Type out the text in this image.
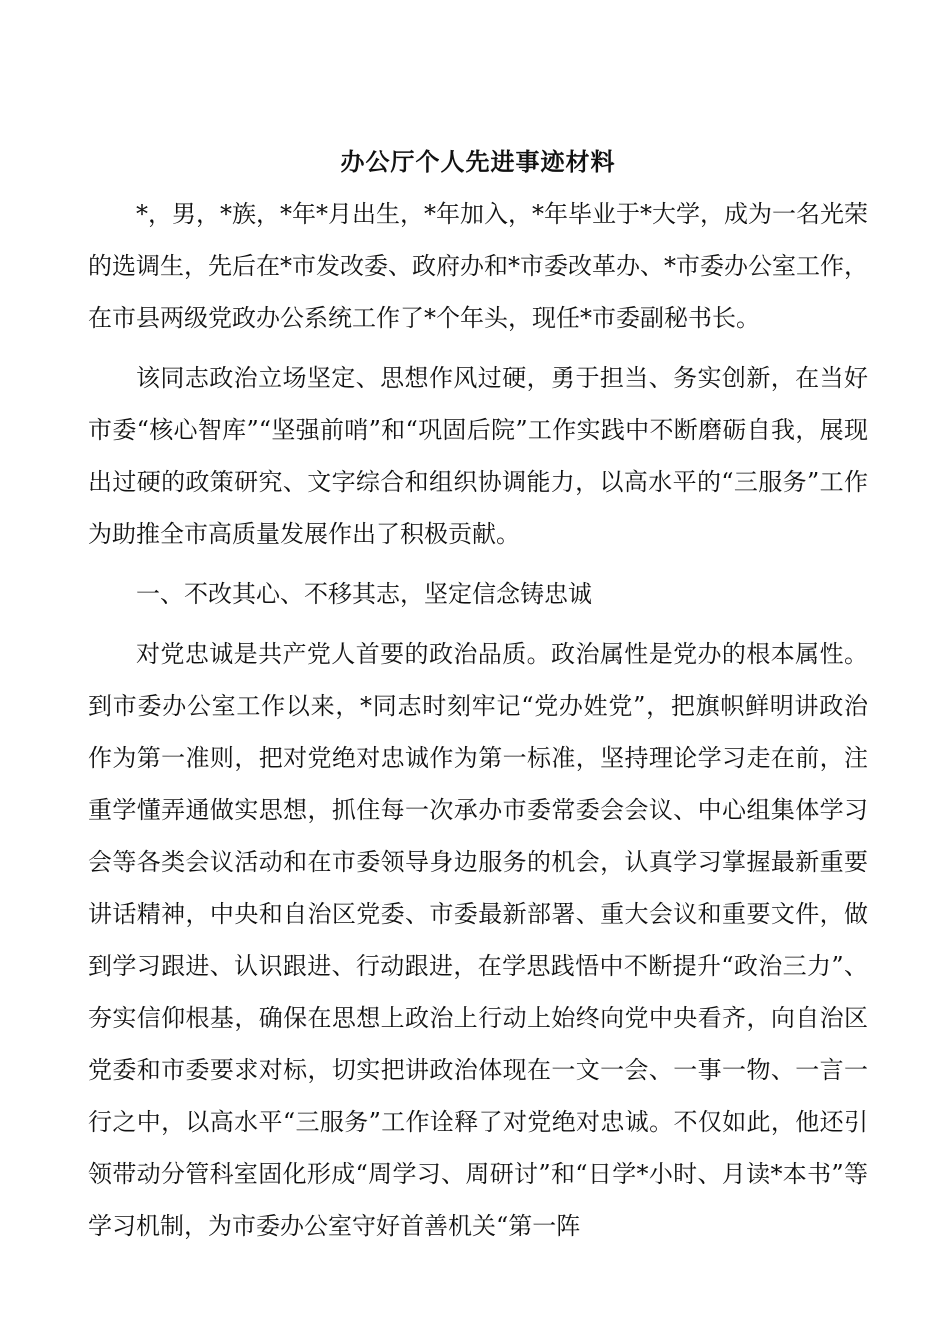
办公厅个人先进事迹材料

*，男，*族，*年*月出生，*年加入，*年毕业于*大学，成为一名光荣的选调生，先后在*市发改委、政府办和*市委改革办、*市委办公室工作，在市县两级党政办公系统工作了*个年头，现任*市委副秘书长。

该同志政治立场坚定、思想作风过硬，勇于担当、务实创新，在当好市委“核心智库”“坚强前哨”和“巩固后院”工作实践中不断磨砺自我，展现出过硬的政策研究、文字综合和组织协调能力，以高水平的“三服务”工作为助推全市高质量发展作出了积极贡献。

一、不改其心、不移其志，坚定信念铸忠诚

对党忠诚是共产党人首要的政治品质。政治属性是党办的根本属性。到市委办公室工作以来，*同志时刻牢记“党办姓党”，把旗帜鲜明讲政治作为第一准则，把对党绝对忠诚作为第一标准，坚持理论学习走在前，注重学懂弄通做实思想，抓住每一次承办市委常委会会议、中心组集体学习会等各类会议活动和在市委领导身边服务的机会，认真学习掌握最新重要讲话精神，中央和自治区党委、市委最新部署、重大会议和重要文件，做到学习跟进、认识跟进、行动跟进，在学思践悟中不断提升“政治三力”、夯实信仰根基，确保在思想上政治上行动上始终向党中央看齐，向自治区党委和市委要求对标，切实把讲政治体现在一文一会、一事一物、一言一行之中，以高水平“三服务”工作诠释了对党绝对忠诚。不仅如此，他还引领带动分管科室固化形成“周学习、周研讨”和“日学*小时、月读*本书”等学习机制，为市委办公室守好首善机关“第一阵
